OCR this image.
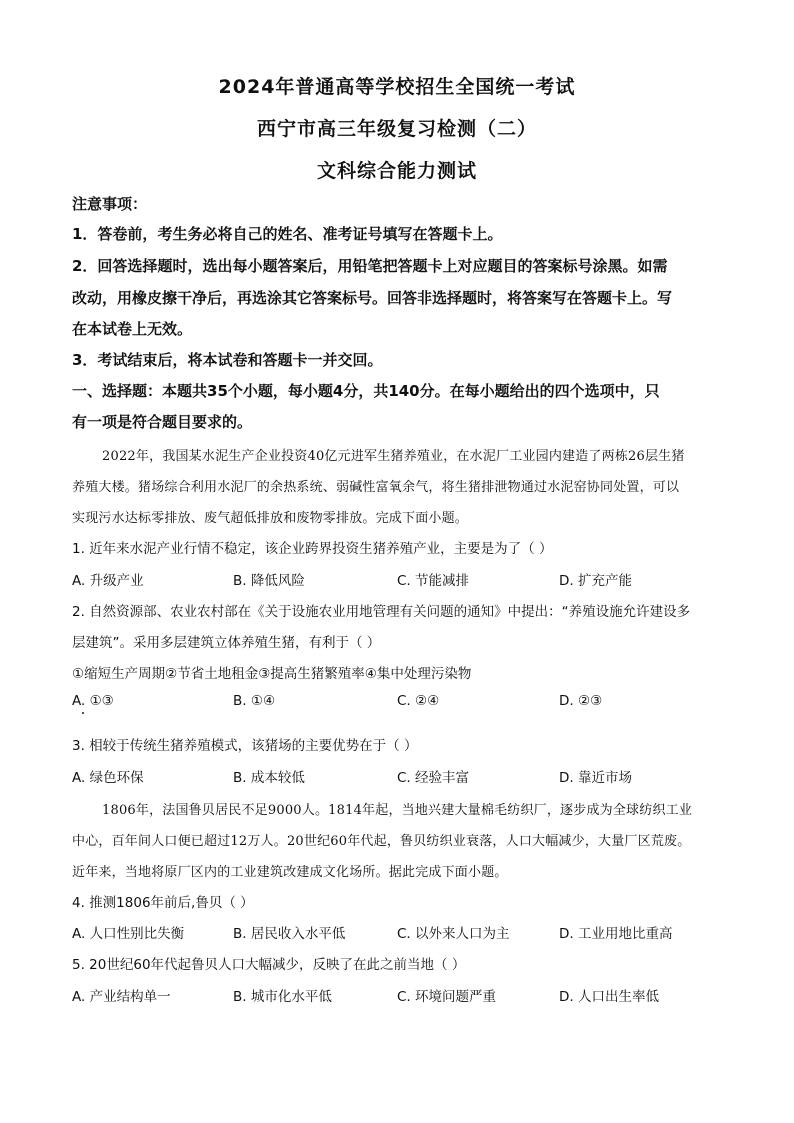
2024年普通高等学校招生全国统一考试
西宁市高三年级复习检测（二）
文科综合能力测试
注意事项：
1．答卷前，考生务必将自己的姓名、准考证号填写在答题卡上。
2．回答选择题时，选出每小题答案后，用铅笔把答题卡上对应题目的答案标号涂黑。如需
改动，用橡皮擦干净后，再选涂其它答案标号。回答非选择题时，将答案写在答题卡上。写
在本试卷上无效。
3．考试结束后，将本试卷和答题卡一并交回。
一、选择题：本题共35个小题，每小题4分，共140分。在每小题给出的四个选项中，只
有一项是符合题目要求的。
2022年，我国某水泥生产企业投资40亿元进军生猪养殖业，在水泥厂工业园内建造了两栋26层生猪
养殖大楼。猪场综合利用水泥厂的余热系统、弱碱性富氧余气，将生猪排泄物通过水泥窑协同处置，可以
实现污水达标零排放、废气超低排放和废物零排放。完成下面小题。
1. 近年来水泥产业行情不稳定，该企业跨界投资生猪养殖产业，主要是为了（ ）
A. 升级产业	B. 降低风险	C. 节能减排	D. 扩充产能
2. 自然资源部、农业农村部在《关于设施农业用地管理有关问题的通知》中提出：“养殖设施允许建设多
层建筑”。采用多层建筑立体养殖生猪，有利于（ ）
①缩短生产周期②节省土地租金③提高生猪繁殖率④集中处理污染物
A. ①③	B. ①④	C. ②④	D. ②③
3. 相较于传统生猪养殖模式，该猪场的主要优势在于（ ）
A. 绿色环保	B. 成本较低	C. 经验丰富	D. 靠近市场
1806年，法国鲁贝居民不足9000人。1814年起，当地兴建大量棉毛纺织厂，逐步成为全球纺织工业
中心，百年间人口便已超过12万人。20世纪60年代起，鲁贝纺织业衰落，人口大幅减少，大量厂区荒废。
近年来，当地将原厂区内的工业建筑改建成文化场所。据此完成下面小题。
4. 推测1806年前后,鲁贝（ ）
A. 人口性别比失衡	B. 居民收入水平低	C. 以外来人口为主	D. 工业用地比重高
5. 20世纪60年代起鲁贝人口大幅减少，反映了在此之前当地（ ）
A. 产业结构单一	B. 城市化水平低	C. 环境问题严重	D. 人口出生率低
